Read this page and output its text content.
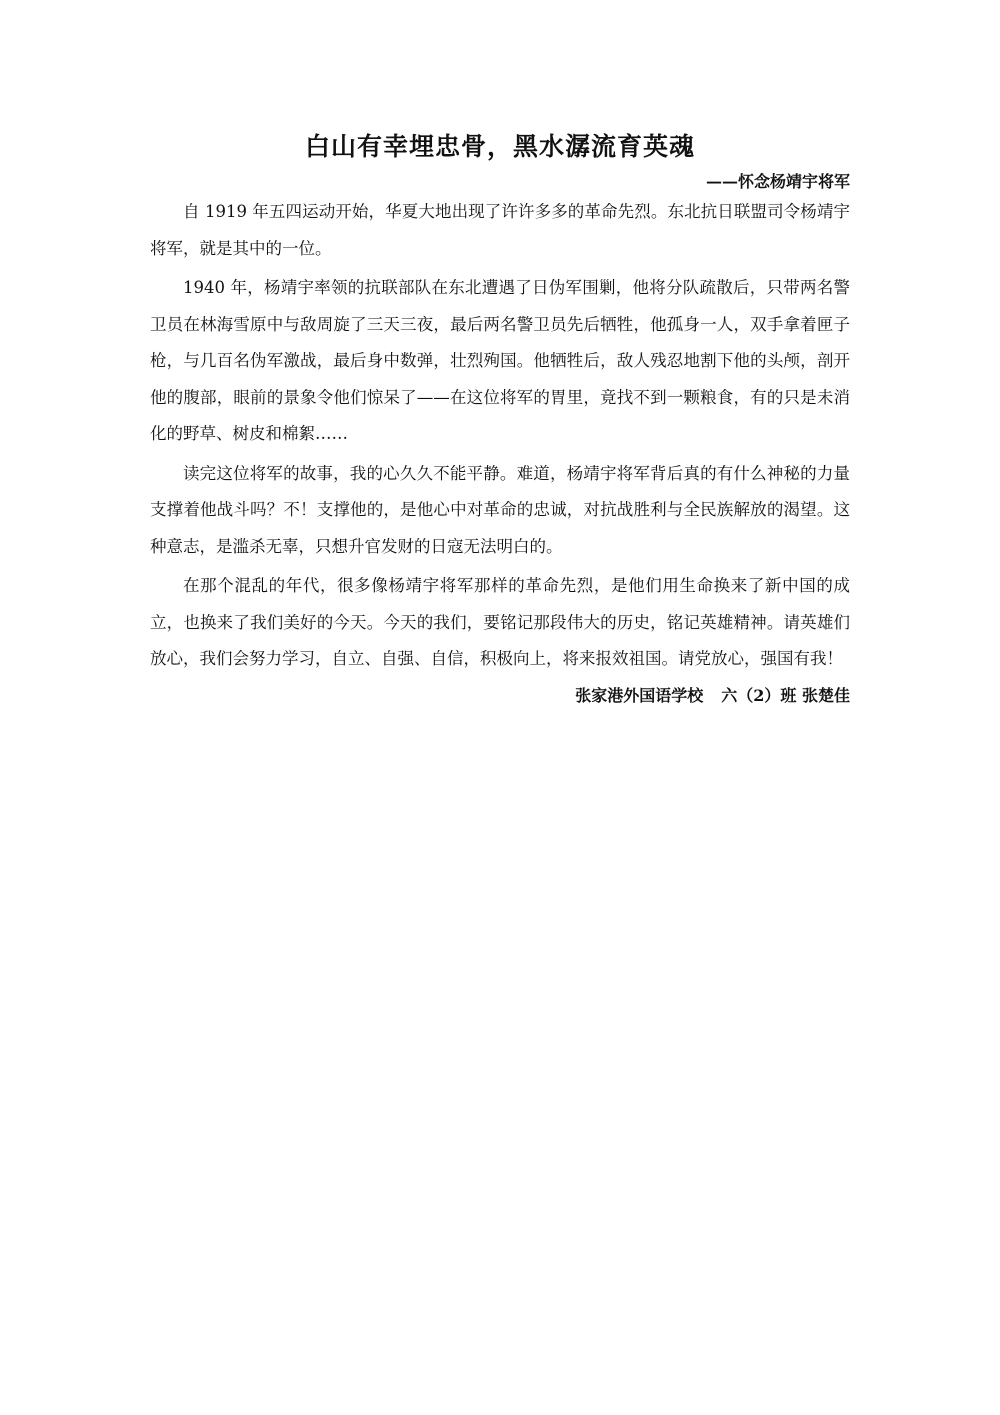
白山有幸埋忠骨，黑水潺流育英魂
——怀念杨靖宇将军

自 1919 年五四运动开始，华夏大地出现了许许多多的革命先烈。东北抗日联盟司令杨靖宇将军，就是其中的一位。

1940 年，杨靖宇率领的抗联部队在东北遭遇了日伪军围剿，他将分队疏散后，只带两名警卫员在林海雪原中与敌周旋了三天三夜，最后两名警卫员先后牺牲，他孤身一人，双手拿着匣子枪，与几百名伪军激战，最后身中数弹，壮烈殉国。他牺牲后，敌人残忍地割下他的头颅，剖开他的腹部，眼前的景象令他们惊呆了——在这位将军的胃里，竟找不到一颗粮食，有的只是未消化的野草、树皮和棉絮……

读完这位将军的故事，我的心久久不能平静。难道，杨靖宇将军背后真的有什么神秘的力量支撑着他战斗吗？不！支撑他的，是他心中对革命的忠诚，对抗战胜利与全民族解放的渴望。这种意志，是滥杀无辜，只想升官发财的日寇无法明白的。

在那个混乱的年代，很多像杨靖宇将军那样的革命先烈，是他们用生命换来了新中国的成立，也换来了我们美好的今天。今天的我们，要铭记那段伟大的历史，铭记英雄精神。请英雄们放心，我们会努力学习，自立、自强、自信，积极向上，将来报效祖国。请党放心，强国有我！

张家港外国语学校 六（2）班 张楚佳
